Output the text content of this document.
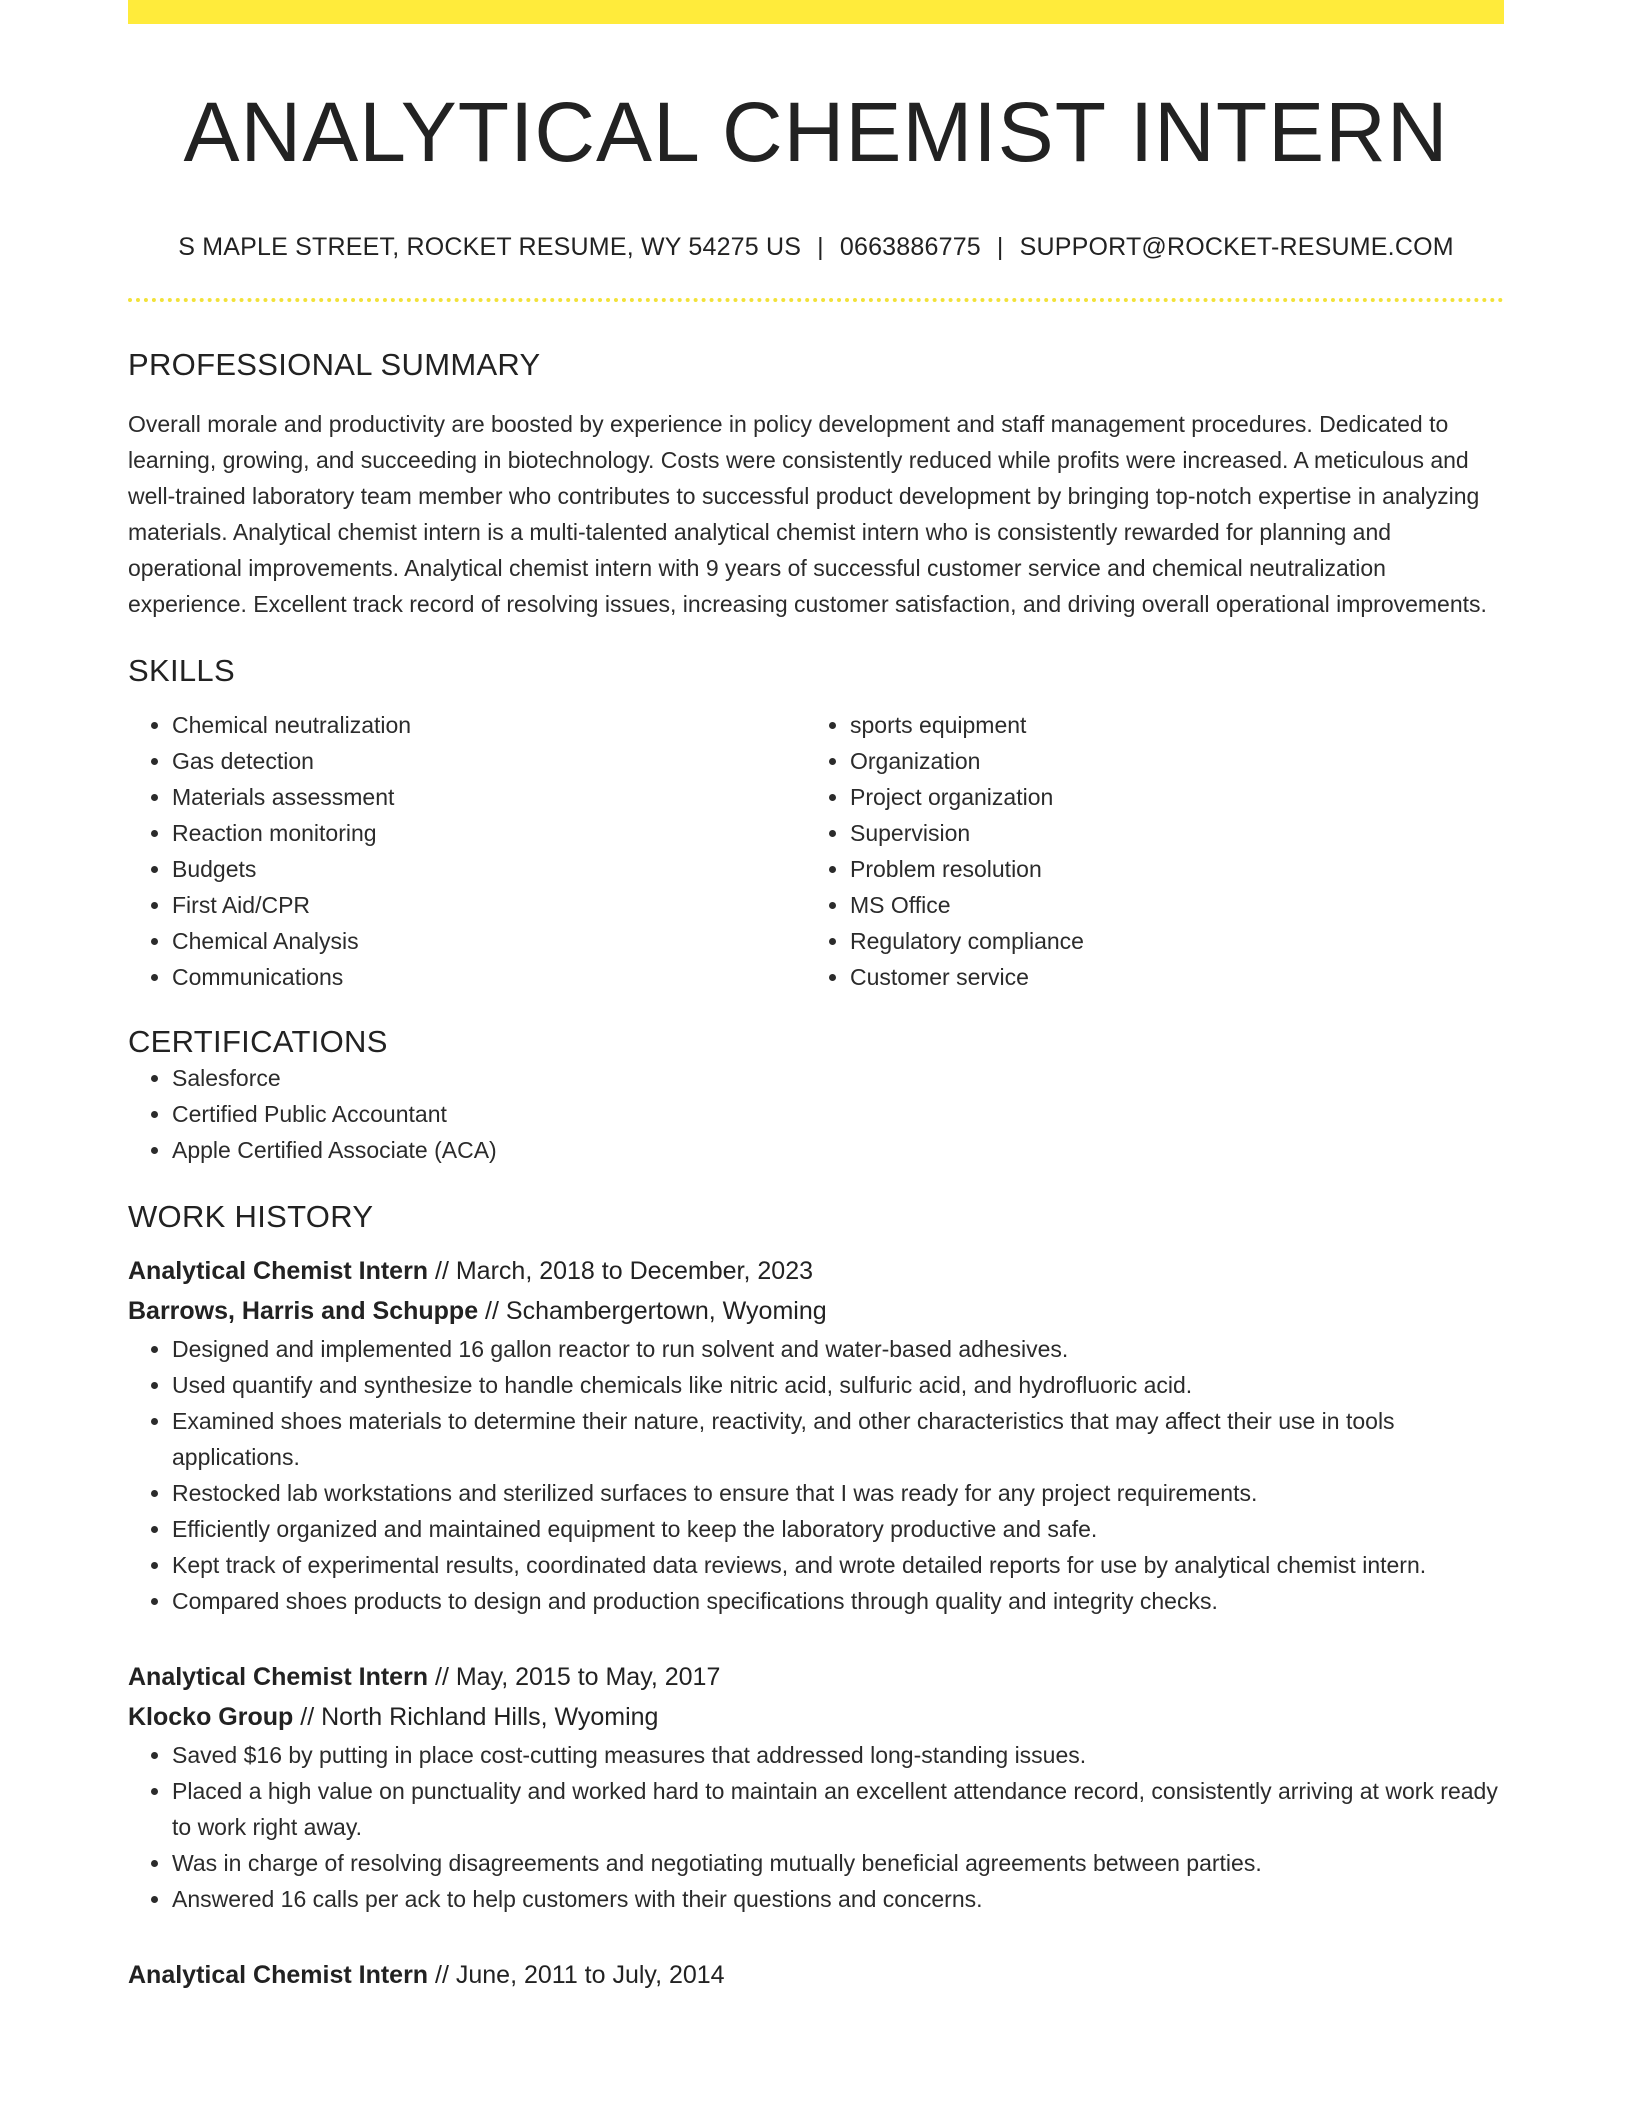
ANALYTICAL CHEMIST INTERN
S MAPLE STREET, ROCKET RESUME, WY 54275 US | 0663886775 | SUPPORT@ROCKET-RESUME.COM
PROFESSIONAL SUMMARY

Overall morale and productivity are boosted by experience in policy development and staff management procedures. Dedicated to learning, growing, and succeeding in biotechnology. Costs were consistently reduced while profits were increased. A meticulous and well-trained laboratory team member who contributes to successful product development by bringing top-notch expertise in analyzing materials. Analytical chemist intern is a multi-talented analytical chemist intern who is consistently rewarded for planning and operational improvements. Analytical chemist intern with 9 years of successful customer service and chemical neutralization experience. Excellent track record of resolving issues, increasing customer satisfaction, and driving overall operational improvements.

SKILLS
• Chemical neutralization
• Gas detection
• Materials assessment
• Reaction monitoring
• Budgets
• First Aid/CPR
• Chemical Analysis
• Communications
• sports equipment
• Organization
• Project organization
• Supervision
• Problem resolution
• MS Office
• Regulatory compliance
• Customer service
CERTIFICATIONS
• Salesforce
• Certified Public Accountant
• Apple Certified Associate (ACA)
WORK HISTORY
Analytical Chemist Intern // March, 2018 to December, 2023
Barrows, Harris and Schuppe // Schambergertown, Wyoming
• Designed and implemented 16 gallon reactor to run solvent and water-based adhesives.
• Used quantify and synthesize to handle chemicals like nitric acid, sulfuric acid, and hydrofluoric acid.
• Examined shoes materials to determine their nature, reactivity, and other characteristics that may affect their use in tools applications.
• Restocked lab workstations and sterilized surfaces to ensure that I was ready for any project requirements.
• Efficiently organized and maintained equipment to keep the laboratory productive and safe.
• Kept track of experimental results, coordinated data reviews, and wrote detailed reports for use by analytical chemist intern.
• Compared shoes products to design and production specifications through quality and integrity checks.
Analytical Chemist Intern // May, 2015 to May, 2017
Klocko Group // North Richland Hills, Wyoming
• Saved $16 by putting in place cost-cutting measures that addressed long-standing issues.
• Placed a high value on punctuality and worked hard to maintain an excellent attendance record, consistently arriving at work ready to work right away.
• Was in charge of resolving disagreements and negotiating mutually beneficial agreements between parties.
• Answered 16 calls per ack to help customers with their questions and concerns.
Analytical Chemist Intern // June, 2011 to July, 2014
